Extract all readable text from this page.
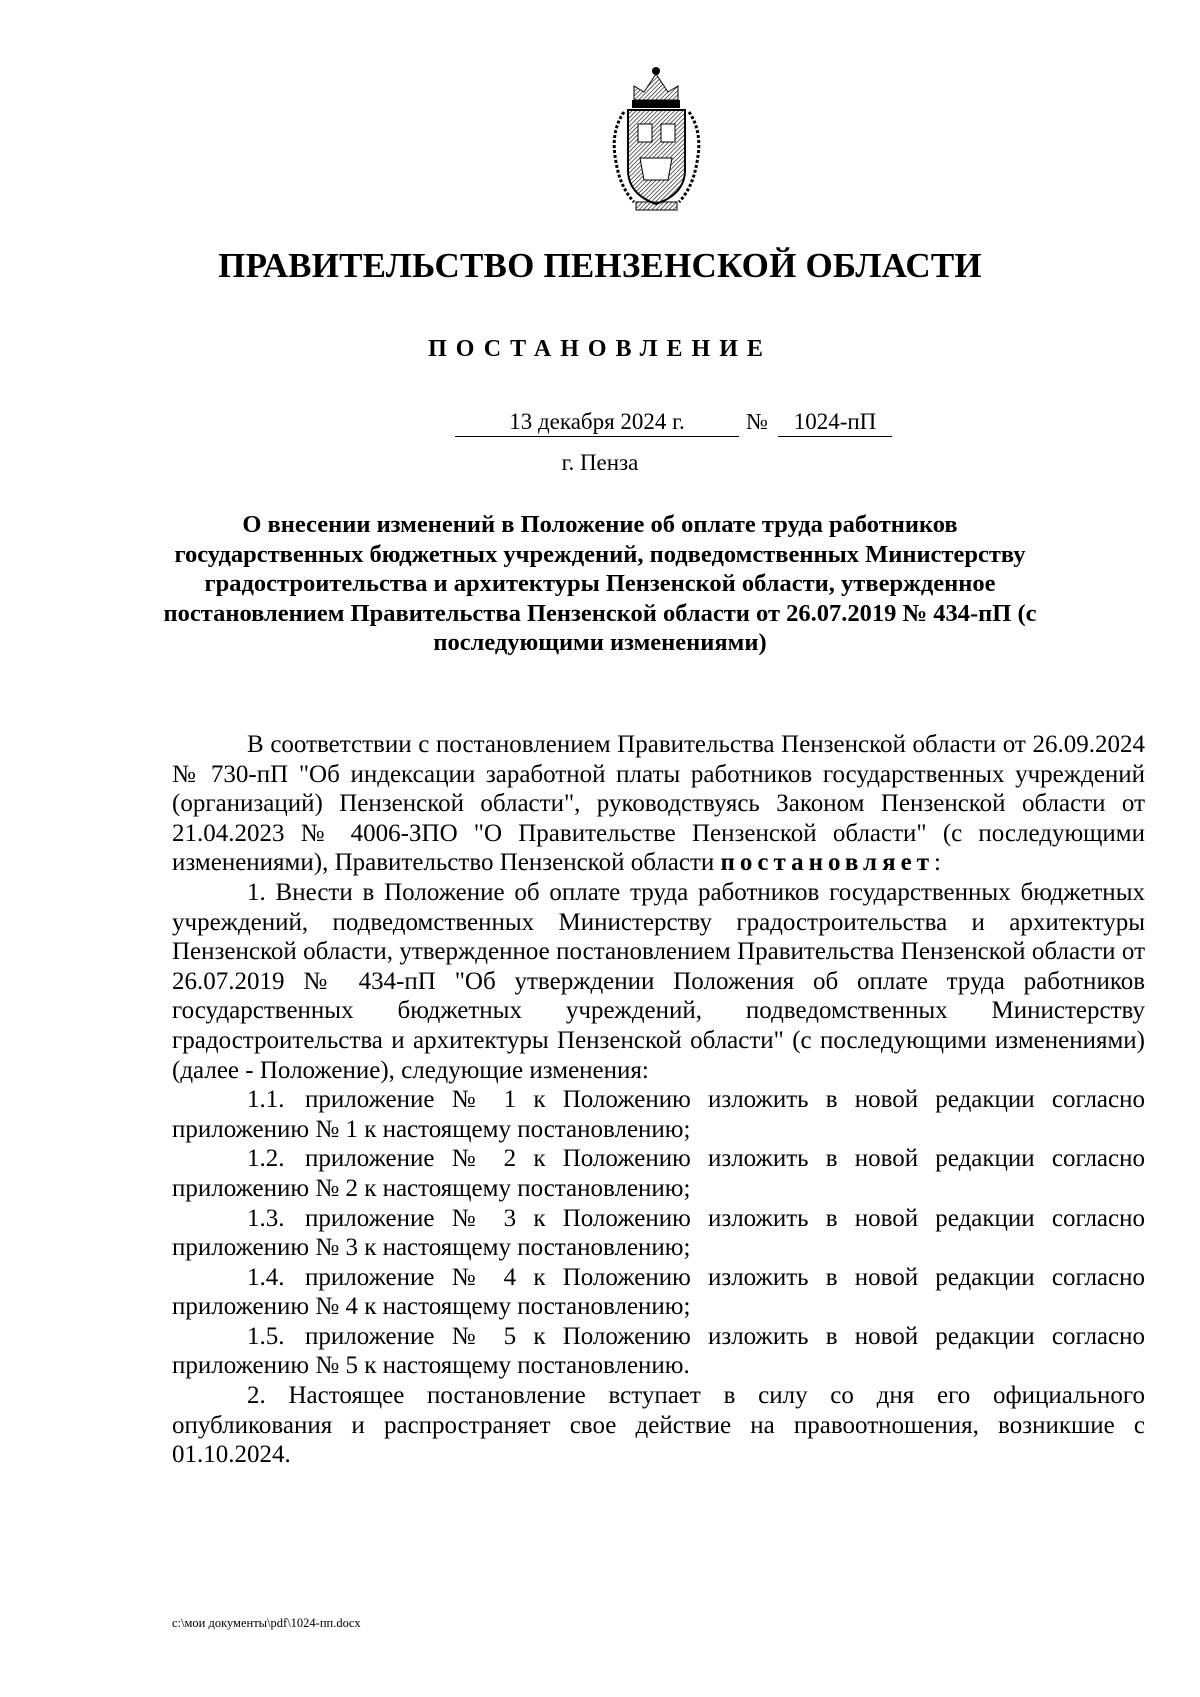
ПРАВИТЕЛЬСТВО ПЕНЗЕНСКОЙ ОБЛАСТИ
ПОСТАНОВЛЕНИЕ
13 декабря 2024 г.	№	1024-пП
г. Пенза
О внесении изменений в Положение об оплате труда работников государственных бюджетных учреждений, подведомственных Министерству градостроительства и архитектуры Пензенской области, утвержденное постановлением Правительства Пензенской области от 26.07.2019 № 434-пП (с последующими изменениями)

В соответствии с постановлением Правительства Пензенской области от 26.09.2024 № 730-пП "Об индексации заработной платы работников государственных учреждений (организаций) Пензенской области", руководствуясь Законом Пензенской области от 21.04.2023 № 4006-ЗПО "О Правительстве Пензенской области" (с последующими изменениями), Правительство Пензенской области постановляет:

1. Внести в Положение об оплате труда работников государственных бюджетных учреждений, подведомственных Министерству градостроительства и архитектуры Пензенской области, утвержденное постановлением Правительства Пензенской области от 26.07.2019 № 434-пП "Об утверждении Положения об оплате труда работников государственных бюджетных учреждений, подведомственных Министерству градостроительства и архитектуры Пензенской области" (с последующими изменениями) (далее - Положение), следующие изменения:

1.1. приложение № 1 к Положению изложить в новой редакции согласно приложению № 1 к настоящему постановлению;

1.2. приложение № 2 к Положению изложить в новой редакции согласно приложению № 2 к настоящему постановлению;

1.3. приложение № 3 к Положению изложить в новой редакции согласно приложению № 3 к настоящему постановлению;

1.4. приложение № 4 к Положению изложить в новой редакции согласно приложению № 4 к настоящему постановлению;

1.5. приложение № 5 к Положению изложить в новой редакции согласно приложению № 5 к настоящему постановлению.

2. Настоящее постановление вступает в силу со дня его официального опубликования и распространяет свое действие на правоотношения, возникшие с 01.10.2024.

c:\мои документы\pdf\1024-пп.docx
